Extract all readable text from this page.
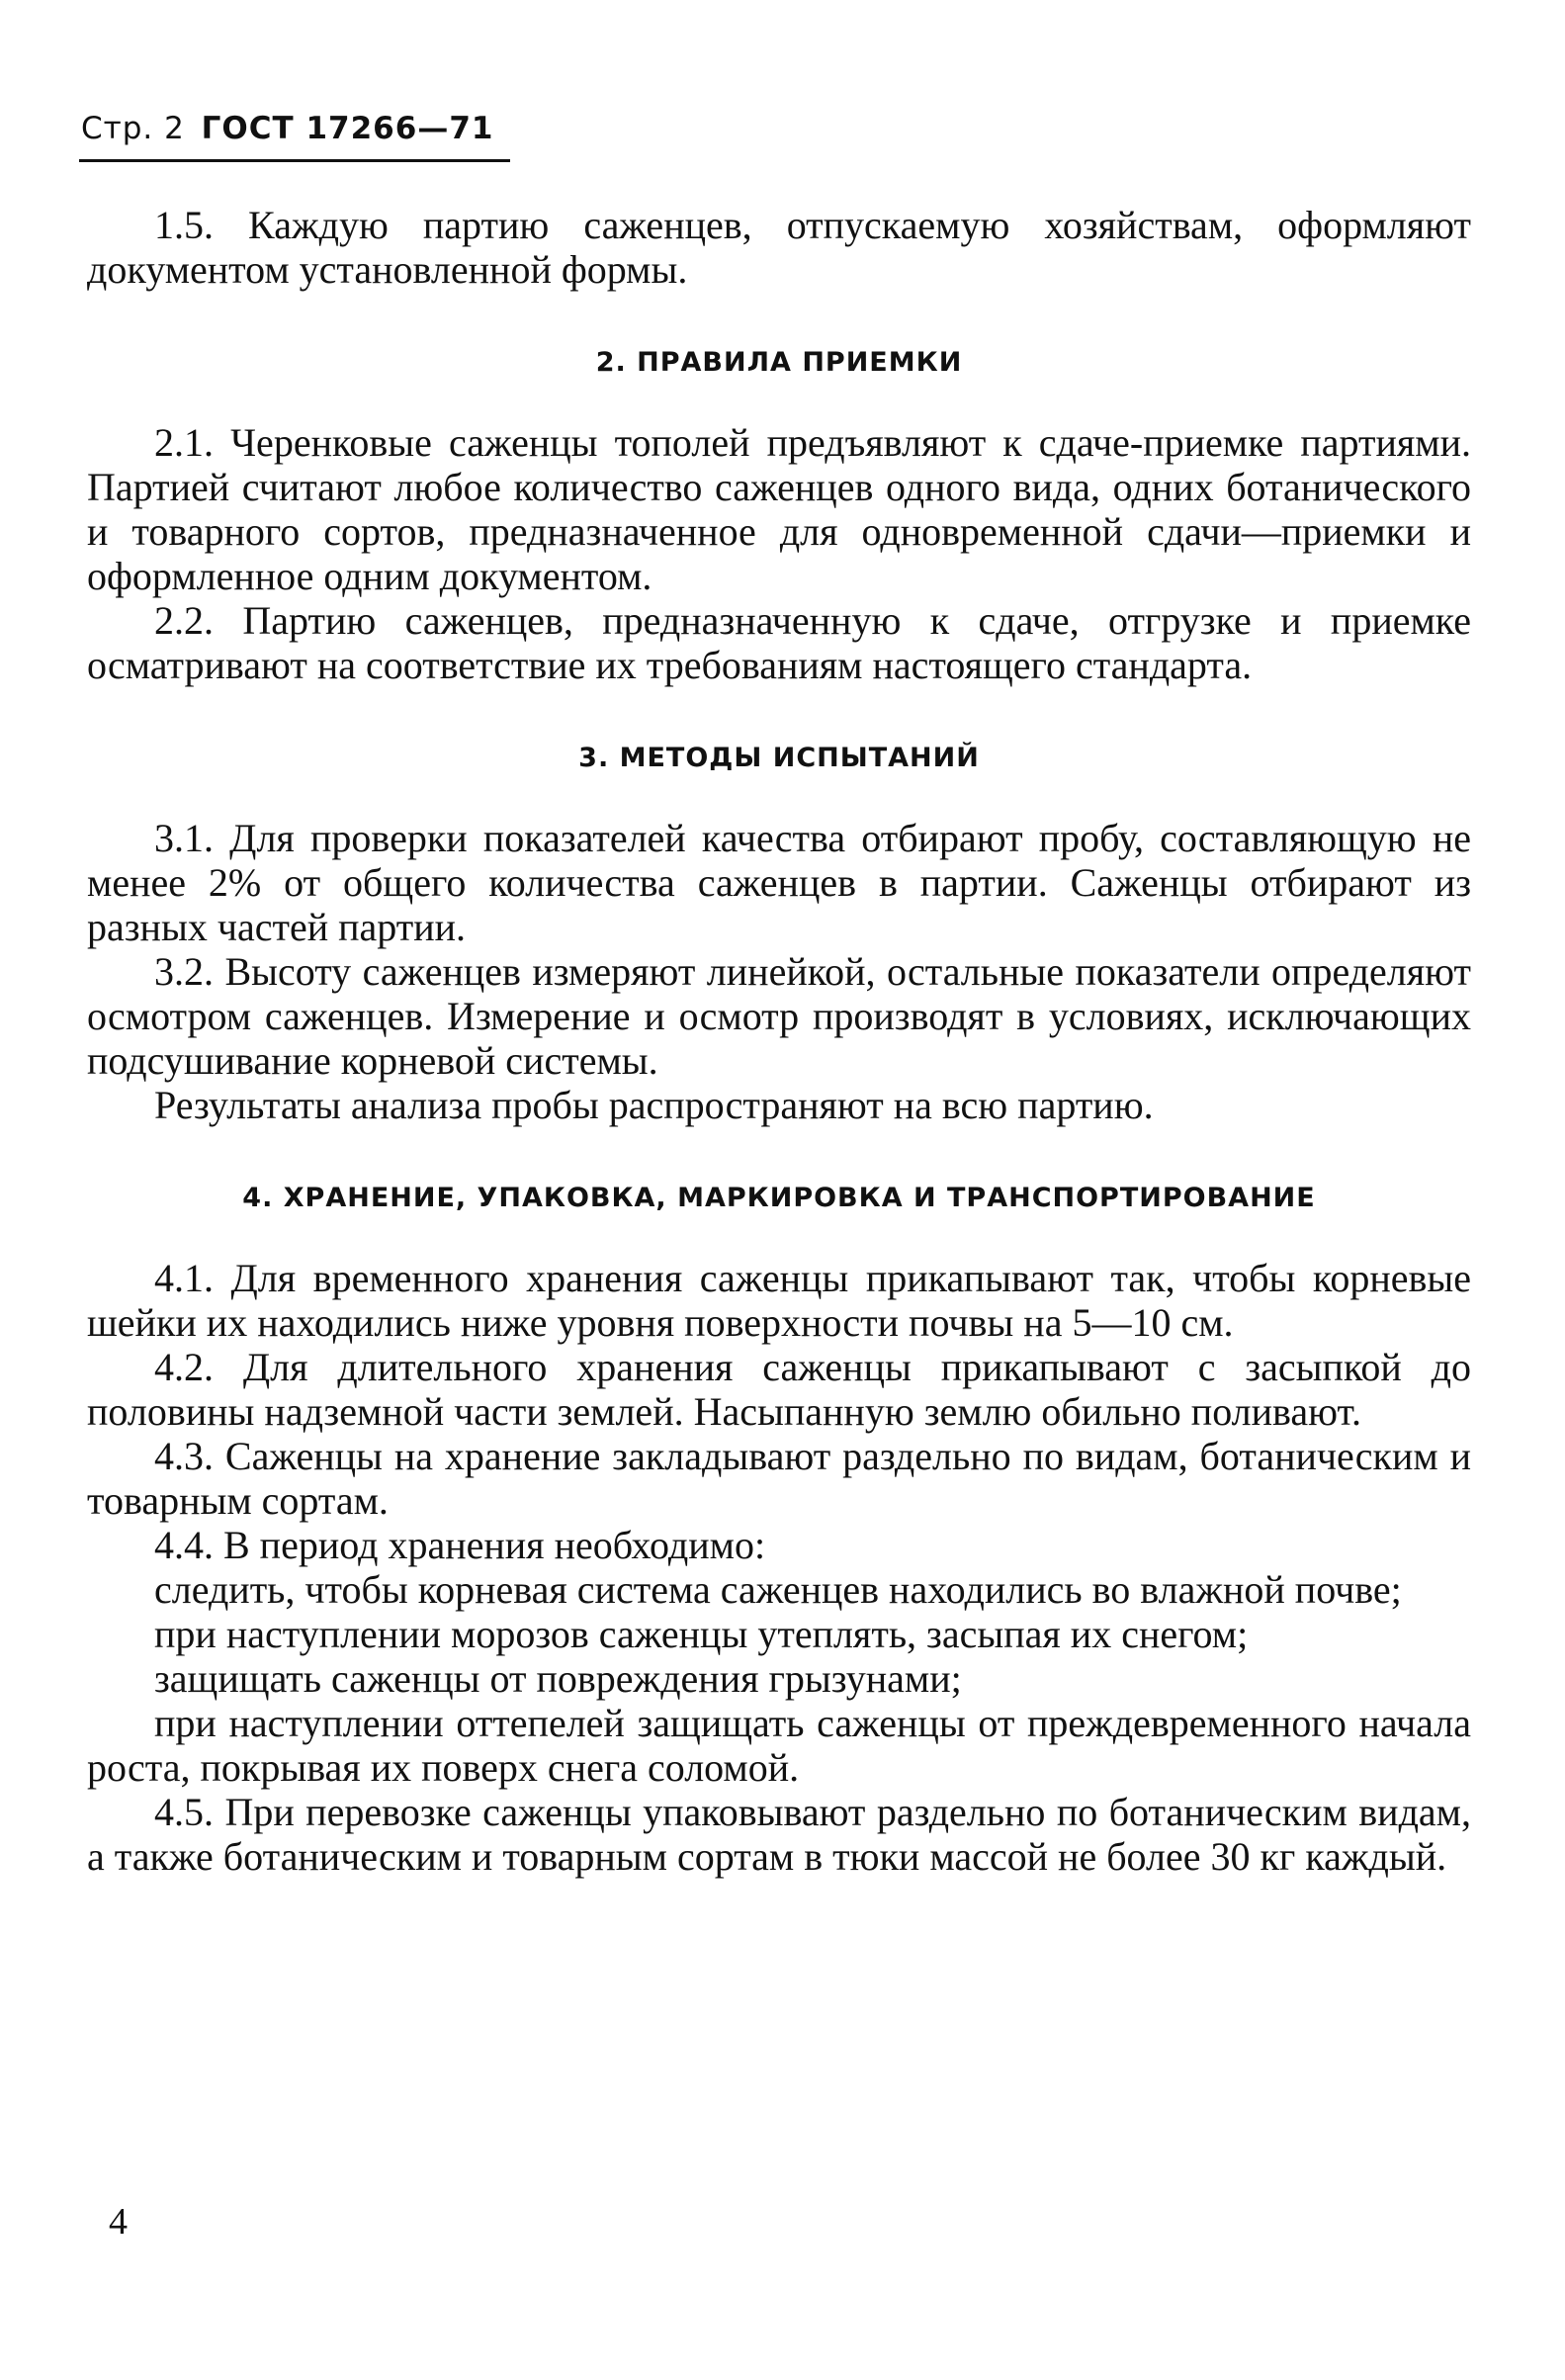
Стр. 2 ГОСТ 17266—71

1.5. Каждую партию саженцев, отпускаемую хозяйствам, оформляют документом установленной формы.

2. ПРАВИЛА ПРИЕМКИ

2.1. Черенковые саженцы тополей предъявляют к сдаче-приемке партиями. Партией считают любое количество саженцев одного вида, одних ботанического и товарного сортов, предназначенное для одновременной сдачи—приемки и оформленное одним документом.

2.2. Партию саженцев, предназначенную к сдаче, отгрузке и приемке осматривают на соответствие их требованиям настоящего стандарта.

3. МЕТОДЫ ИСПЫТАНИЙ

3.1. Для проверки показателей качества отбирают пробу, составляющую не менее 2% от общего количества саженцев в партии. Саженцы отбирают из разных частей партии.

3.2. Высоту саженцев измеряют линейкой, остальные показатели определяют осмотром саженцев. Измерение и осмотр производят в условиях, исключающих подсушивание корневой системы.

Результаты анализа пробы распространяют на всю партию.

4. ХРАНЕНИЕ, УПАКОВКА, МАРКИРОВКА И ТРАНСПОРТИРОВАНИЕ

4.1. Для временного хранения саженцы прикапывают так, чтобы корневые шейки их находились ниже уровня поверхности почвы на 5—10 см.

4.2. Для длительного хранения саженцы прикапывают с засыпкой до половины надземной части землей. Насыпанную землю обильно поливают.

4.3. Саженцы на хранение закладывают раздельно по видам, ботаническим и товарным сортам.

4.4. В период хранения необходимо:

следить, чтобы корневая система саженцев находились во влажной почве;

при наступлении морозов саженцы утеплять, засыпая их снегом;

защищать саженцы от повреждения грызунами;

при наступлении оттепелей защищать саженцы от преждевременного начала роста, покрывая их поверх снега соломой.

4.5. При перевозке саженцы упаковывают раздельно по ботаническим видам, а также ботаническим и товарным сортам в тюки массой не более 30 кг каждый.

4
